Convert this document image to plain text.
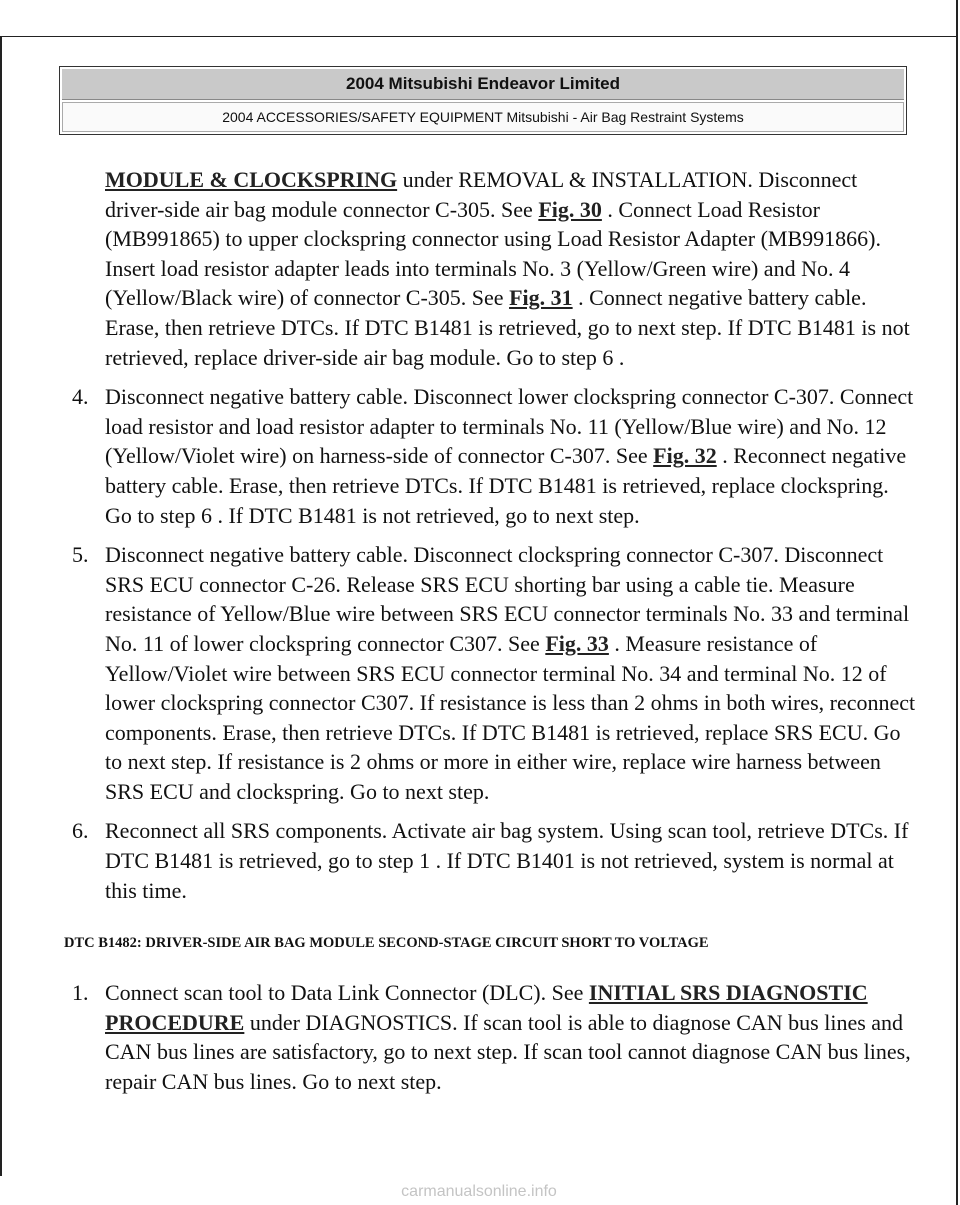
2004 Mitsubishi Endeavor Limited
2004 ACCESSORIES/SAFETY EQUIPMENT Mitsubishi - Air Bag Restraint Systems

MODULE & CLOCKSPRING under REMOVAL & INSTALLATION. Disconnect driver-side air bag module connector C-305. See Fig. 30 . Connect Load Resistor (MB991865) to upper clockspring connector using Load Resistor Adapter (MB991866). Insert load resistor adapter leads into terminals No. 3 (Yellow/Green wire) and No. 4 (Yellow/Black wire) of connector C-305. See Fig. 31 . Connect negative battery cable. Erase, then retrieve DTCs. If DTC B1481 is retrieved, go to next step. If DTC B1481 is not retrieved, replace driver-side air bag module. Go to step 6 .

4. Disconnect negative battery cable. Disconnect lower clockspring connector C-307. Connect load resistor and load resistor adapter to terminals No. 11 (Yellow/Blue wire) and No. 12 (Yellow/Violet wire) on harness-side of connector C-307. See Fig. 32 . Reconnect negative battery cable. Erase, then retrieve DTCs. If DTC B1481 is retrieved, replace clockspring. Go to step 6 . If DTC B1481 is not retrieved, go to next step.
5. Disconnect negative battery cable. Disconnect clockspring connector C-307. Disconnect SRS ECU connector C-26. Release SRS ECU shorting bar using a cable tie. Measure resistance of Yellow/Blue wire between SRS ECU connector terminals No. 33 and terminal No. 11 of lower clockspring connector C307. See Fig. 33 . Measure resistance of Yellow/Violet wire between SRS ECU connector terminal No. 34 and terminal No. 12 of lower clockspring connector C307. If resistance is less than 2 ohms in both wires, reconnect components. Erase, then retrieve DTCs. If DTC B1481 is retrieved, replace SRS ECU. Go to next step. If resistance is 2 ohms or more in either wire, replace wire harness between SRS ECU and clockspring. Go to next step.
6. Reconnect all SRS components. Activate air bag system. Using scan tool, retrieve DTCs. If DTC B1481 is retrieved, go to step 1 . If DTC B1401 is not retrieved, system is normal at this time.
DTC B1482: DRIVER-SIDE AIR BAG MODULE SECOND-STAGE CIRCUIT SHORT TO VOLTAGE
1. Connect scan tool to Data Link Connector (DLC). See INITIAL SRS DIAGNOSTIC PROCEDURE under DIAGNOSTICS. If scan tool is able to diagnose CAN bus lines and CAN bus lines are satisfactory, go to next step. If scan tool cannot diagnose CAN bus lines, repair CAN bus lines. Go to next step.
carmanualsonline.info
